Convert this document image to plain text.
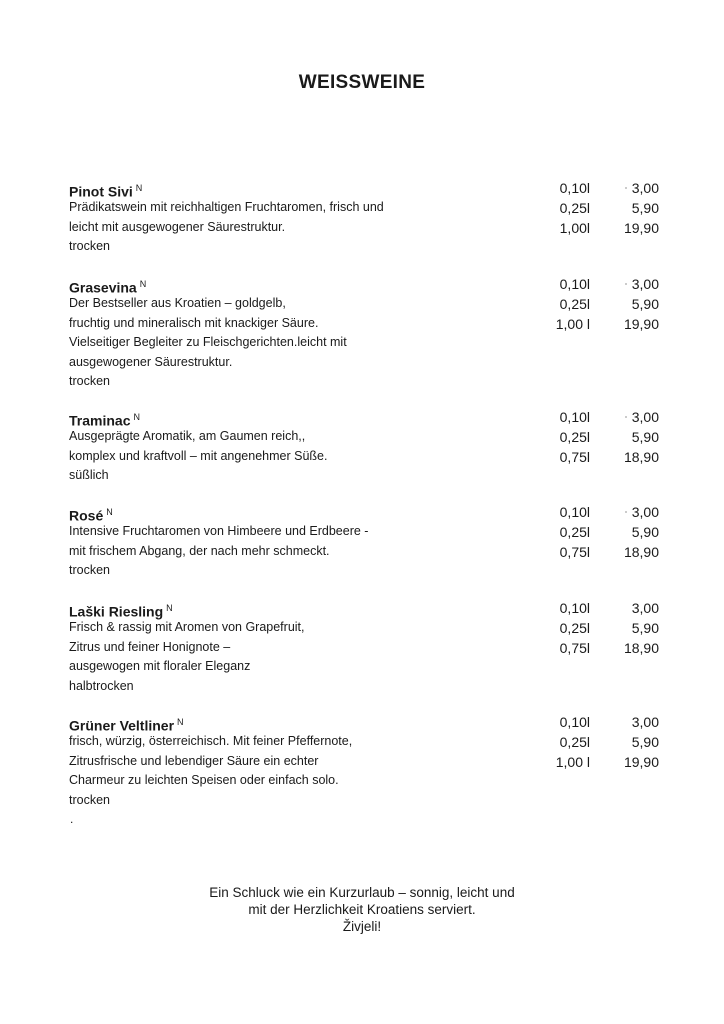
WEISSWEINE
Pinot Sivi $^N$
Prädikatswein mit reichhaltigen Fruchtaromen, frisch und
leicht mit ausgewogener Säurestruktur.
trocken
0,10l	3,00
0,25l	5,90
1,00l 19,90
Grasevina $^N$
Der Bestseller aus Kroatien – goldgelb,
fruchtig und mineralisch mit knackiger Säure.
Vielseitiger Begleiter zu Fleischgerichten.leicht mit
ausgewogener Säurestruktur.
trocken
0,10l	3,00
0,25l	5,90
1,00 l 19,90
Traminac $^N$
Ausgeprägte Aromatik, am Gaumen reich,,
komplex und kraftvoll – mit angenehmer Süße.
süßlich
0,10l	3,00
0,25l	5,90
0,75l 18,90
Rosé $^N$
Intensive Fruchtaromen von Himbeere und Erdbeere -
mit frischem Abgang, der nach mehr schmeckt.
trocken
0,10l	3,00
0,25l	5,90
0,75l 18,90
Laški Riesling $^N$
Frisch & rassig mit Aromen von Grapefruit,
Zitrus und feiner Honignote –
ausgewogen mit floraler Eleganz
halbtrocken
0,10l	3,00
0,25l	5,90
0,75l 18,90
Grüner Veltliner $^N$
frisch, würzig, österreichisch. Mit feiner Pfeffernote,
Zitrusfrische und lebendiger Säure ein echter
Charmeur zu leichten Speisen oder einfach solo.
trocken
0,10l	3,00
0,25l	5,90
1,00 l 19,90
.
Ein Schluck wie ein Kurzurlaub – sonnig, leicht und
mit der Herzlichkeit Kroatiens serviert.
Živjeli!
